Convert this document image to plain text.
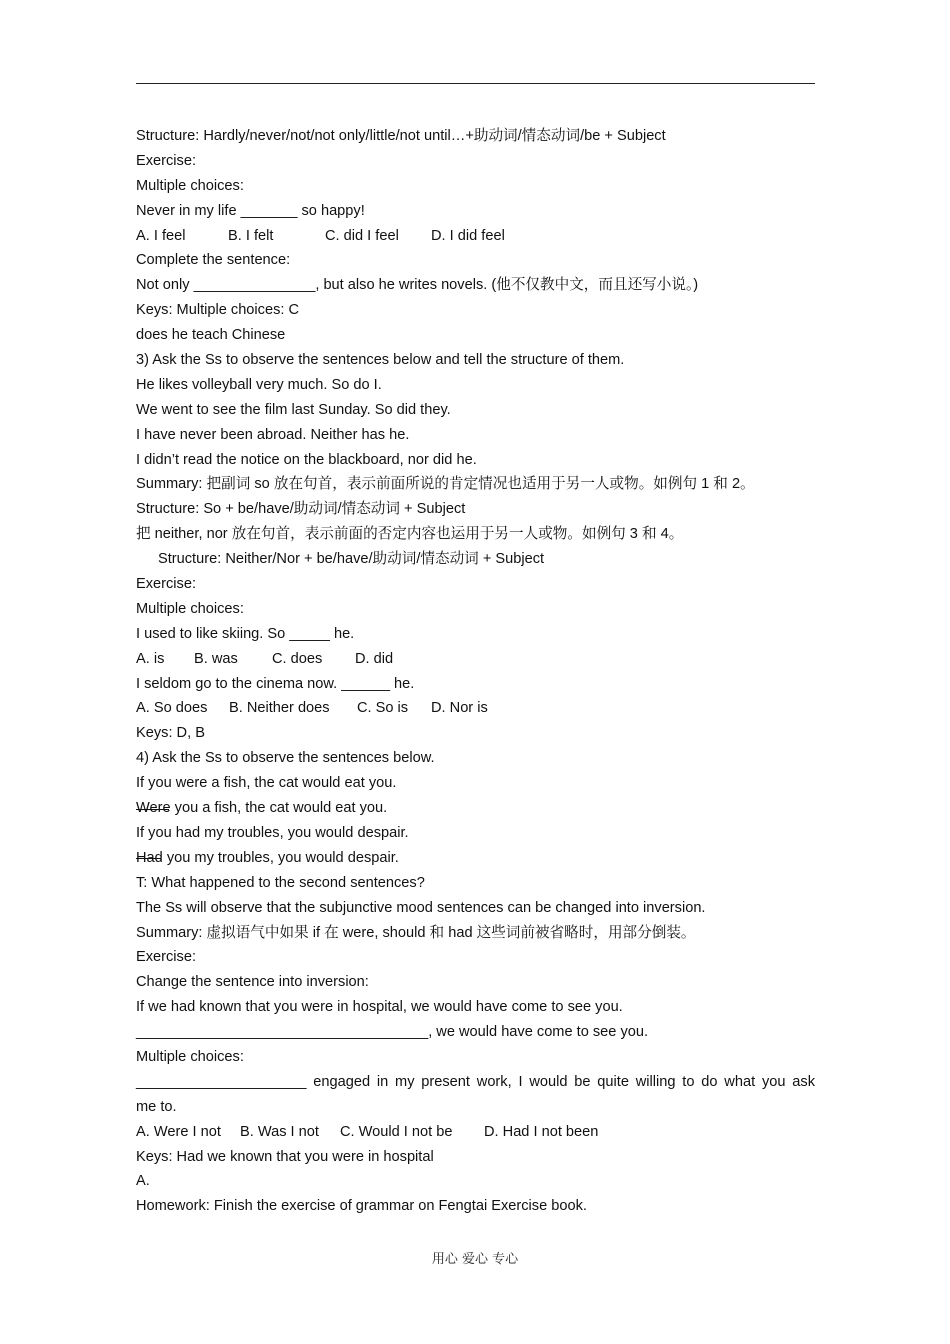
Structure: Hardly/never/not/not only/little/not until…+助动词/情态动词/be + Subject
Exercise:
Multiple choices:
Never in my life _______ so happy!
A. I feel	B. I felt	C. did I feel D. I did feel
Complete the sentence:
Not only _______________, but also he writes novels. (他不仅教中文，而且还写小说。)
Keys: Multiple choices: C
does he teach Chinese
3) Ask the Ss to observe the sentences below and tell the structure of them.
He likes volleyball very much. So do I.
We went to see the film last Sunday. So did they.
I have never been abroad. Neither has he.
I didn’t read the notice on the blackboard, nor did he.
Summary: 把副词 so 放在句首，表示前面所说的肯定情况也适用于另一人或物。如例句 1 和 2。
Structure: So + be/have/助动词/情态动词 + Subject
把 neither, nor 放在句首，表示前面的否定内容也运用于另一人或物。如例句 3 和 4。
Structure: Neither/Nor + be/have/助动词/情态动词 + Subject
Exercise:
Multiple choices:
I used to like skiing. So _____ he.
A. is B. was C. does D. did
I seldom go to the cinema now. ______ he.
A. So does B. Neither does C. So is D. Nor is
Keys: D, B
4) Ask the Ss to observe the sentences below.
If you were a fish, the cat would eat you.
Were you a fish, the cat would eat you.
If you had my troubles, you would despair.
Had you my troubles, you would despair.
T: What happened to the second sentences?
The Ss will observe that the subjunctive mood sentences can be changed into inversion.
Summary: 虚拟语气中如果 if 在 were, should 和 had 这些词前被省略时，用部分倒装。
Exercise:
Change the sentence into inversion:
If we had known that you were in hospital, we would have come to see you.
____________________________________, we would have come to see you.
Multiple choices:
_____________________ engaged in my present work, I would be quite willing to do what you ask
me to.
A. Were I not B. Was I not C. Would I not be D. Had I not been
Keys: Had we known that you were in hospital
A.
Homework: Finish the exercise of grammar on Fengtai Exercise book.
用心 爱心 专心
